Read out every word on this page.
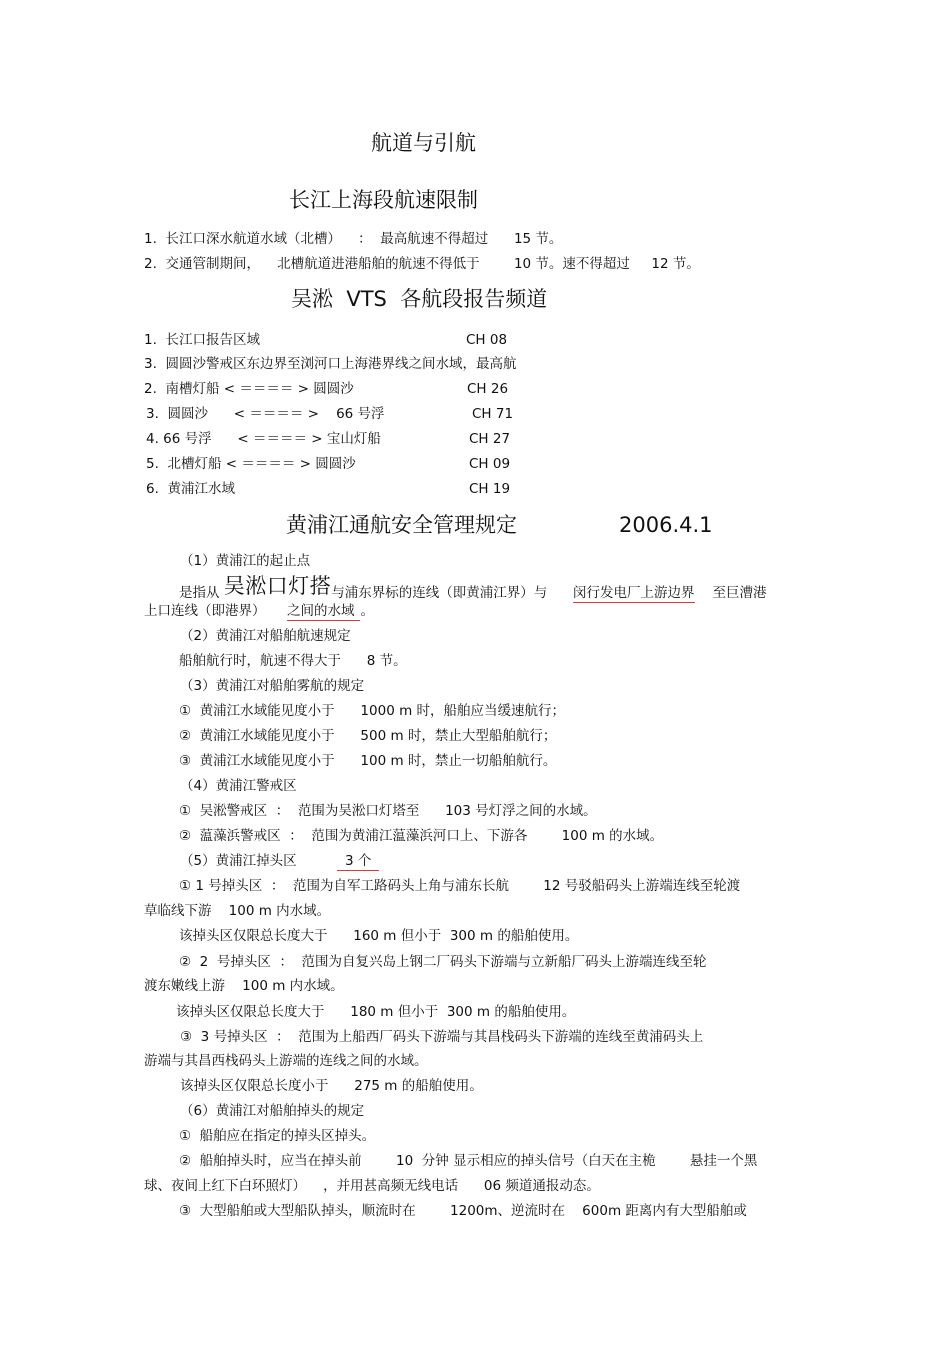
航道与引航
长江上海段航速限制
1.  长江口深水航道水域（北槽）    ：  最高航速不得超过      15 节。
2.  交通管制期间，    北槽航道进港船舶的航速不得低于        10 节。速不得超过     12 节。
吴淞  VTS  各航段报告频道
1.  长江口报告区域	CH 08
3.  圆圆沙警戒区东边界至浏河口上海港界线之间水域，最高航
2.  南槽灯船 < ＝＝＝＝ > 圆圆沙	CH 26
3.  圆圆沙      < ＝＝＝＝ >    66 号浮	CH 71
4. 66 号浮      < ＝＝＝＝ > 宝山灯船	CH 27
5.  北槽灯船 < ＝＝＝＝ > 圆圆沙	CH 09
6.  黄浦江水域	CH 19
黄浦江通航安全管理规定	2006.4.1
（1）黄浦江的起止点
是指从 吴淞口灯搭与浦东界标的连线（即黄浦江界）与      闵行发电厂上游边界 至巨漕港
上口连线（即港界）     之间的水域 。
（2）黄浦江对船舶航速规定
船舶航行时，航速不得大于      8 节。
（3）黄浦江对船舶雾航的规定
①  黄浦江水域能见度小于      1000 m 时，船舶应当缓速航行；
②  黄浦江水域能见度小于      500 m 时，禁止大型船舶航行；
③  黄浦江水域能见度小于      100 m 时，禁止一切船舶航行。
（4）黄浦江警戒区
①  吴淞警戒区  ：  范围为吴淞口灯塔至      103 号灯浮之间的水域。
②  蕰藻浜警戒区  ：  范围为黄浦江蕰藻浜河口上、下游各        100 m 的水域。
（5）黄浦江掉头区	3 个
① 1 号掉头区  ：  范围为自军工路码头上角与浦东长航        12 号驳船码头上游端连线至轮渡
草临线下游    100 m 内水域。
该掉头区仅限总长度大于      160 m 但小于  300 m 的船舶使用。
②  2  号掉头区  ：  范围为自复兴岛上钢二厂码头下游端与立新船厂码头上游端连线至轮
渡东嫩线上游    100 m 内水域。
该掉头区仅限总长度大于      180 m 但小于  300 m 的船舶使用。
③  3 号掉头区  ：  范围为上船西厂码头下游端与其昌栈码头下游端的连线至黄浦码头上
游端与其昌西栈码头上游端的连线之间的水域。
该掉头区仅限总长度小于      275 m 的船舶使用。
（6）黄浦江对船舶掉头的规定
①  船舶应在指定的掉头区掉头。
②  船舶掉头时，应当在掉头前        10  分钟 显示相应的掉头信号（白天在主桅        悬挂一个黑
球、夜间上红下白环照灯）    ，并用甚高频无线电话      06 频道通报动态。
③  大型船舶或大型船队掉头，顺流时在        1200m、逆流时在    600m 距离内有大型船舶或
